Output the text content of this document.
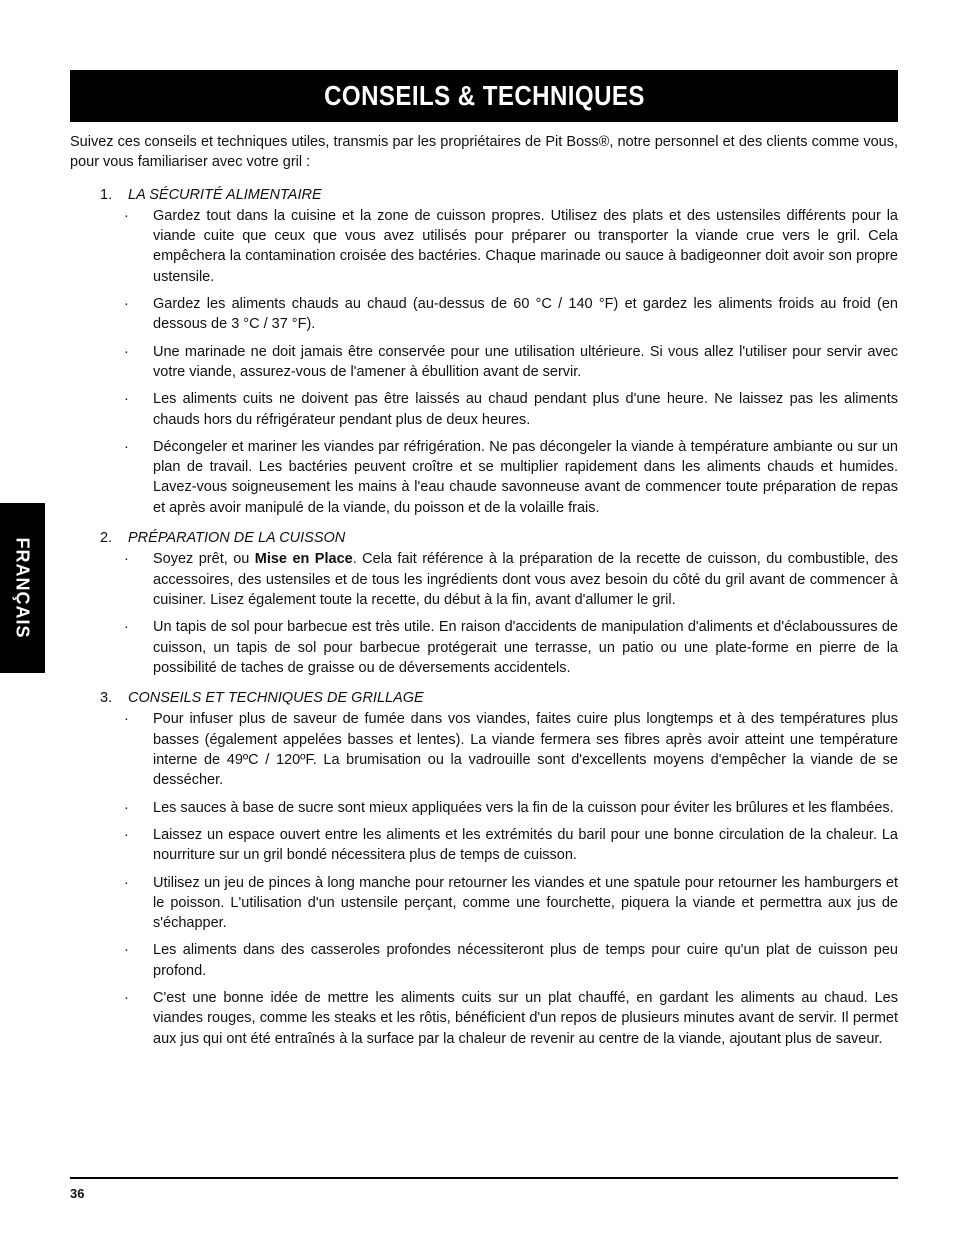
CONSEILS & TECHNIQUES
FRANÇAIS

Suivez ces conseils et techniques utiles, transmis par les propriétaires de Pit Boss®, notre personnel et des clients comme vous, pour vous familiariser avec votre gril :

1.	LA SÉCURITÉ ALIMENTAIRE
·	Gardez tout dans la cuisine et la zone de cuisson propres. Utilisez des plats et des ustensiles différents pour la viande cuite que ceux que vous avez utilisés pour préparer ou transporter la viande crue vers le gril. Cela empêchera la contamination croisée des bactéries. Chaque marinade ou sauce à badigeonner doit avoir son propre ustensile.
·	Gardez les aliments chauds au chaud (au-dessus de 60 °C / 140 °F) et gardez les aliments froids au froid (en dessous de 3 °C / 37 °F).
·	Une marinade ne doit jamais être conservée pour une utilisation ultérieure. Si vous allez l'utiliser pour servir avec votre viande, assurez-vous de l'amener à ébullition avant de servir.
·	Les aliments cuits ne doivent pas être laissés au chaud pendant plus d'une heure. Ne laissez pas les aliments chauds hors du réfrigérateur pendant plus de deux heures.
·	Décongeler et mariner les viandes par réfrigération. Ne pas décongeler la viande à température ambiante ou sur un plan de travail. Les bactéries peuvent croître et se multiplier rapidement dans les aliments chauds et humides. Lavez-vous soigneusement les mains à l'eau chaude savonneuse avant de commencer toute préparation de repas et après avoir manipulé de la viande, du poisson et de la volaille frais.
2.	PRÉPARATION DE LA CUISSON
·	Soyez prêt, ou Mise en Place. Cela fait référence à la préparation de la recette de cuisson, du combustible, des accessoires, des ustensiles et de tous les ingrédients dont vous avez besoin du côté du gril avant de commencer à cuisiner. Lisez également toute la recette, du début à la fin, avant d'allumer le gril.
·	Un tapis de sol pour barbecue est très utile. En raison d'accidents de manipulation d'aliments et d'éclaboussures de cuisson, un tapis de sol pour barbecue protégerait une terrasse, un patio ou une plate-forme en pierre de la possibilité de taches de graisse ou de déversements accidentels.
3.	CONSEILS ET TECHNIQUES DE GRILLAGE
·	Pour infuser plus de saveur de fumée dans vos viandes, faites cuire plus longtemps et à des températures plus basses (également appelées basses et lentes). La viande fermera ses fibres après avoir atteint une température interne de 49ºC / 120ºF. La brumisation ou la vadrouille sont d'excellents moyens d'empêcher la viande de se dessécher.
·	Les sauces à base de sucre sont mieux appliquées vers la fin de la cuisson pour éviter les brûlures et les flambées.
·	Laissez un espace ouvert entre les aliments et les extrémités du baril pour une bonne circulation de la chaleur. La nourriture sur un gril bondé nécessitera plus de temps de cuisson.
·	Utilisez un jeu de pinces à long manche pour retourner les viandes et une spatule pour retourner les hamburgers et le poisson. L'utilisation d'un ustensile perçant, comme une fourchette, piquera la viande et permettra aux jus de s'échapper.
·	Les aliments dans des casseroles profondes nécessiteront plus de temps pour cuire qu'un plat de cuisson peu profond.
·	C'est une bonne idée de mettre les aliments cuits sur un plat chauffé, en gardant les aliments au chaud. Les viandes rouges, comme les steaks et les rôtis, bénéficient d'un repos de plusieurs minutes avant de servir. Il permet aux jus qui ont été entraînés à la surface par la chaleur de revenir au centre de la viande, ajoutant plus de saveur.
36
